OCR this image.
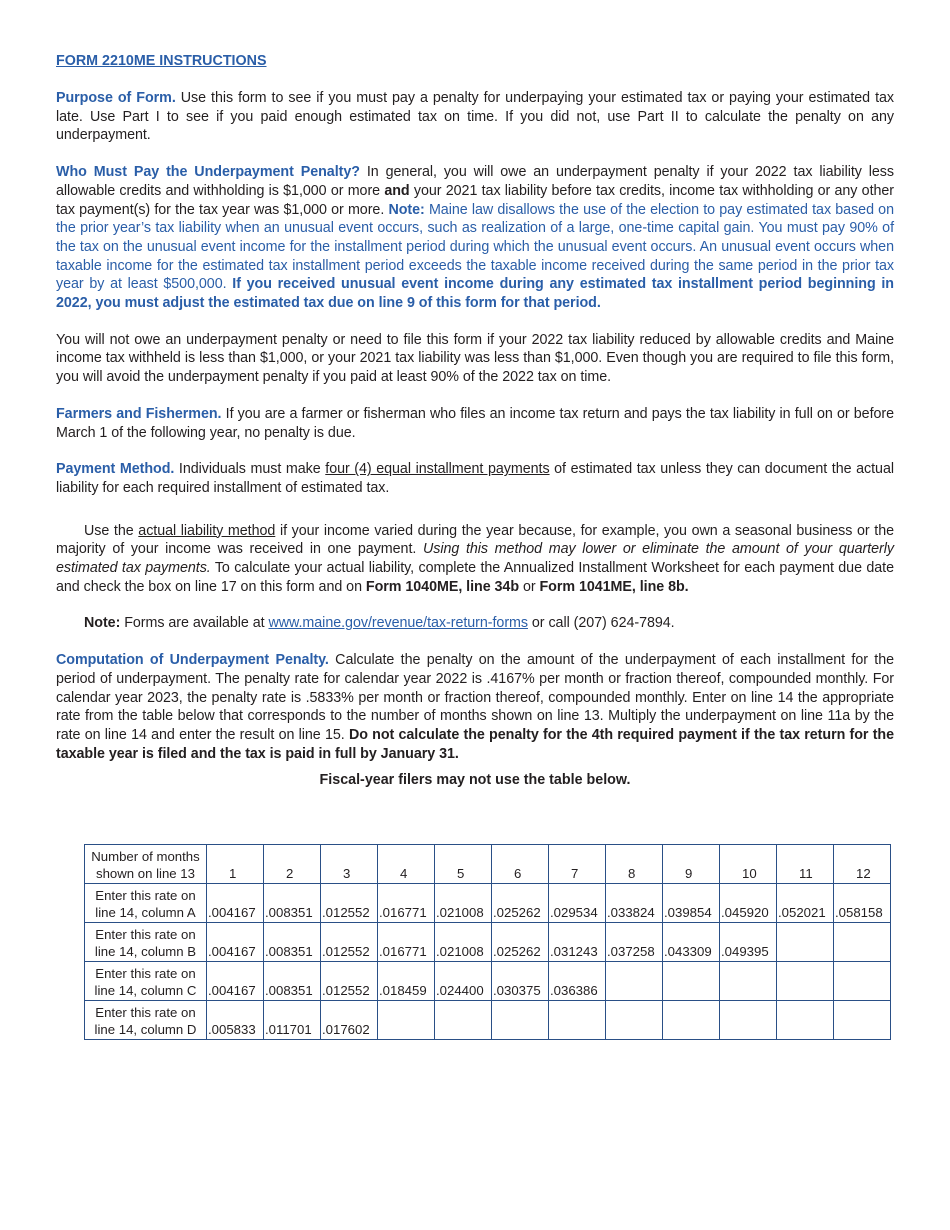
FORM 2210ME INSTRUCTIONS

Purpose of Form. Use this form to see if you must pay a penalty for underpaying your estimated tax or paying your estimated tax late. Use Part I to see if you paid enough estimated tax on time. If you did not, use Part II to calculate the penalty on any underpayment.

Who Must Pay the Underpayment Penalty? In general, you will owe an underpayment penalty if your 2022 tax liability less allowable credits and withholding is $1,000 or more and your 2021 tax liability before tax credits, income tax withholding or any other tax payment(s) for the tax year was $1,000 or more. Note: Maine law disallows the use of the election to pay estimated tax based on the prior year’s tax liability when an unusual event occurs, such as realization of a large, one-time capital gain. You must pay 90% of the tax on the unusual event income for the installment period during which the unusual event occurs. An unusual event occurs when taxable income for the estimated tax installment period exceeds the taxable income received during the same period in the prior tax year by at least $500,000. If you received unusual event income during any estimated tax installment period beginning in 2022, you must adjust the estimated tax due on line 9 of this form for that period.

You will not owe an underpayment penalty or need to file this form if your 2022 tax liability reduced by allowable credits and Maine income tax withheld is less than $1,000, or your 2021 tax liability was less than $1,000. Even though you are required to file this form, you will avoid the underpayment penalty if you paid at least 90% of the 2022 tax on time.

Farmers and Fishermen. If you are a farmer or fisherman who files an income tax return and pays the tax liability in full on or before March 1 of the following year, no penalty is due.

Payment Method. Individuals must make four (4) equal installment payments of estimated tax unless they can document the actual liability for each required installment of estimated tax.

Use the actual liability method if your income varied during the year because, for example, you own a seasonal business or the majority of your income was received in one payment. Using this method may lower or eliminate the amount of your quarterly estimated tax payments. To calculate your actual liability, complete the Annualized Installment Worksheet for each payment due date and check the box on line 17 on this form and on Form 1040ME, line 34b or Form 1041ME, line 8b.

Note: Forms are available at www.maine.gov/revenue/tax-return-forms or call (207) 624-7894.

Computation of Underpayment Penalty. Calculate the penalty on the amount of the underpayment of each installment for the period of underpayment. The penalty rate for calendar year 2022 is .4167% per month or fraction thereof, compounded monthly. For calendar year 2023, the penalty rate is .5833% per month or fraction thereof, compounded monthly. Enter on line 14 the appropriate rate from the table below that corresponds to the number of months shown on line 13. Multiply the underpayment on line 11a by the rate on line 14 and enter the result on line 15. Do not calculate the penalty for the 4th required payment if the tax return for the taxable year is filed and the tax is paid in full by January 31.

Fiscal-year filers may not use the table below.
Number of months
shown on line 13	1	2	3	4	5	6	7	8	9	10	11	12

Enter this rate on
line 14, column A	.004167	.008351	.012552	.016771	.021008	.025262	.029534	.033824	.039854	.045920	.052021	.058158

Enter this rate on
line 14, column B	.004167	.008351	.012552	.016771	.021008	.025262	.031243	.037258	.043309	.049395		

Enter this rate on
line 14, column C	.004167	.008351	.012552	.018459	.024400	.030375	.036386					

Enter this rate on
line 14, column D	.005833	.011701	.017602									
